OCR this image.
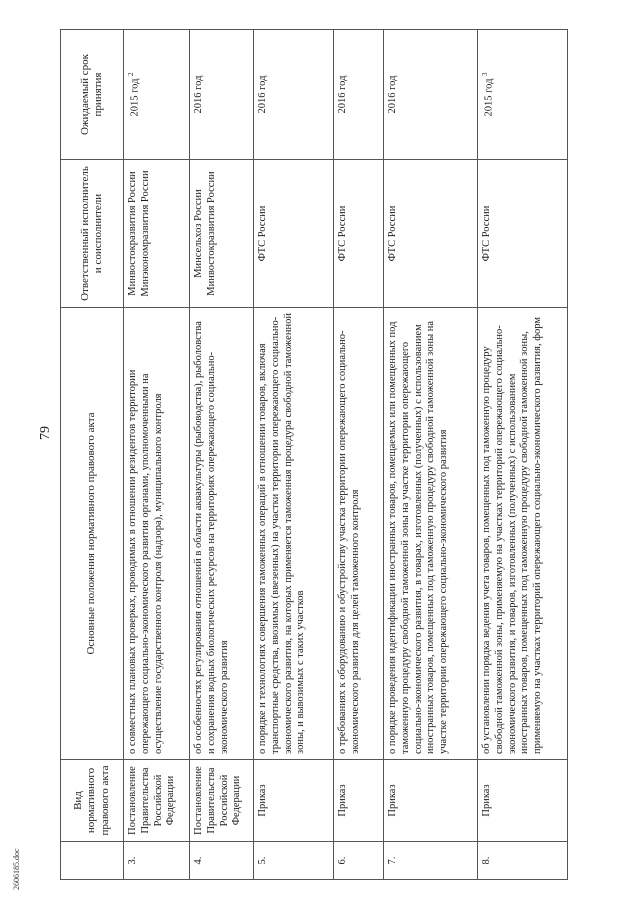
79
	Вид нормативного правового акта	Основные положения нормативного правового акта	Ответственный исполнитель и соисполнители	Ожидаемый срок принятия
3.	Постановление Правительства Российской Федерации	о совместных плановых проверках, проводимых в отношении резидентов территории опережающего социально-экономического развития органами, уполномоченными на осуществление государственного контроля (надзора), муниципального контроля	Минвостокразвития России Минэкономразвития России	2015 год $^2$
4.	Постановление Правительства Российской Федерации	об особенностях регулирования отношений в области аквакультуры (рыбоводства), рыболовства и сохранения водных биологических ресурсов на территориях опережающего социально-экономического развития	Минсельхоз России Минвостокразвития России	2016 год
5.	Приказ	о порядке и технологиях совершения таможенных операций в отношении товаров, включая транспортные средства, ввозимых (ввезенных) на участки территории опережающего социально-экономического развития, на которых применяется таможенная процедура свободной таможенной зоны, и вывозимых с таких участков	ФТС России	2016 год
6.	Приказ	о требованиях к оборудованию и обустройству участка территории опережающего социально-экономического развития для целей таможенного контроля	ФТС России	2016 год
7.	Приказ	о порядке проведения идентификации иностранных товаров, помещаемых или помещенных под таможенную процедуру свободной таможенной зоны на участке территории опережающего социально-экономического развития, в товарах, изготовленных (полученных) с использованием иностранных товаров, помещенных под таможенную процедуру свободной таможенной зоны на участке территории опережающего социально-экономического развития	ФТС России	2016 год
8.	Приказ	об установлении порядка ведения учета товаров, помещенных под таможенную процедуру свободной таможенной зоны, применяемую на участках территорий опережающего социально-экономического развития, и товаров, изготовленных (полученных) с использованием иностранных товаров, помещенных под таможенную процедуру свободной таможенной зоны, применяемую на участках территорий опережающего социально-экономического развития, форм	ФТС России	2015 год $^3$
2606185.doc
